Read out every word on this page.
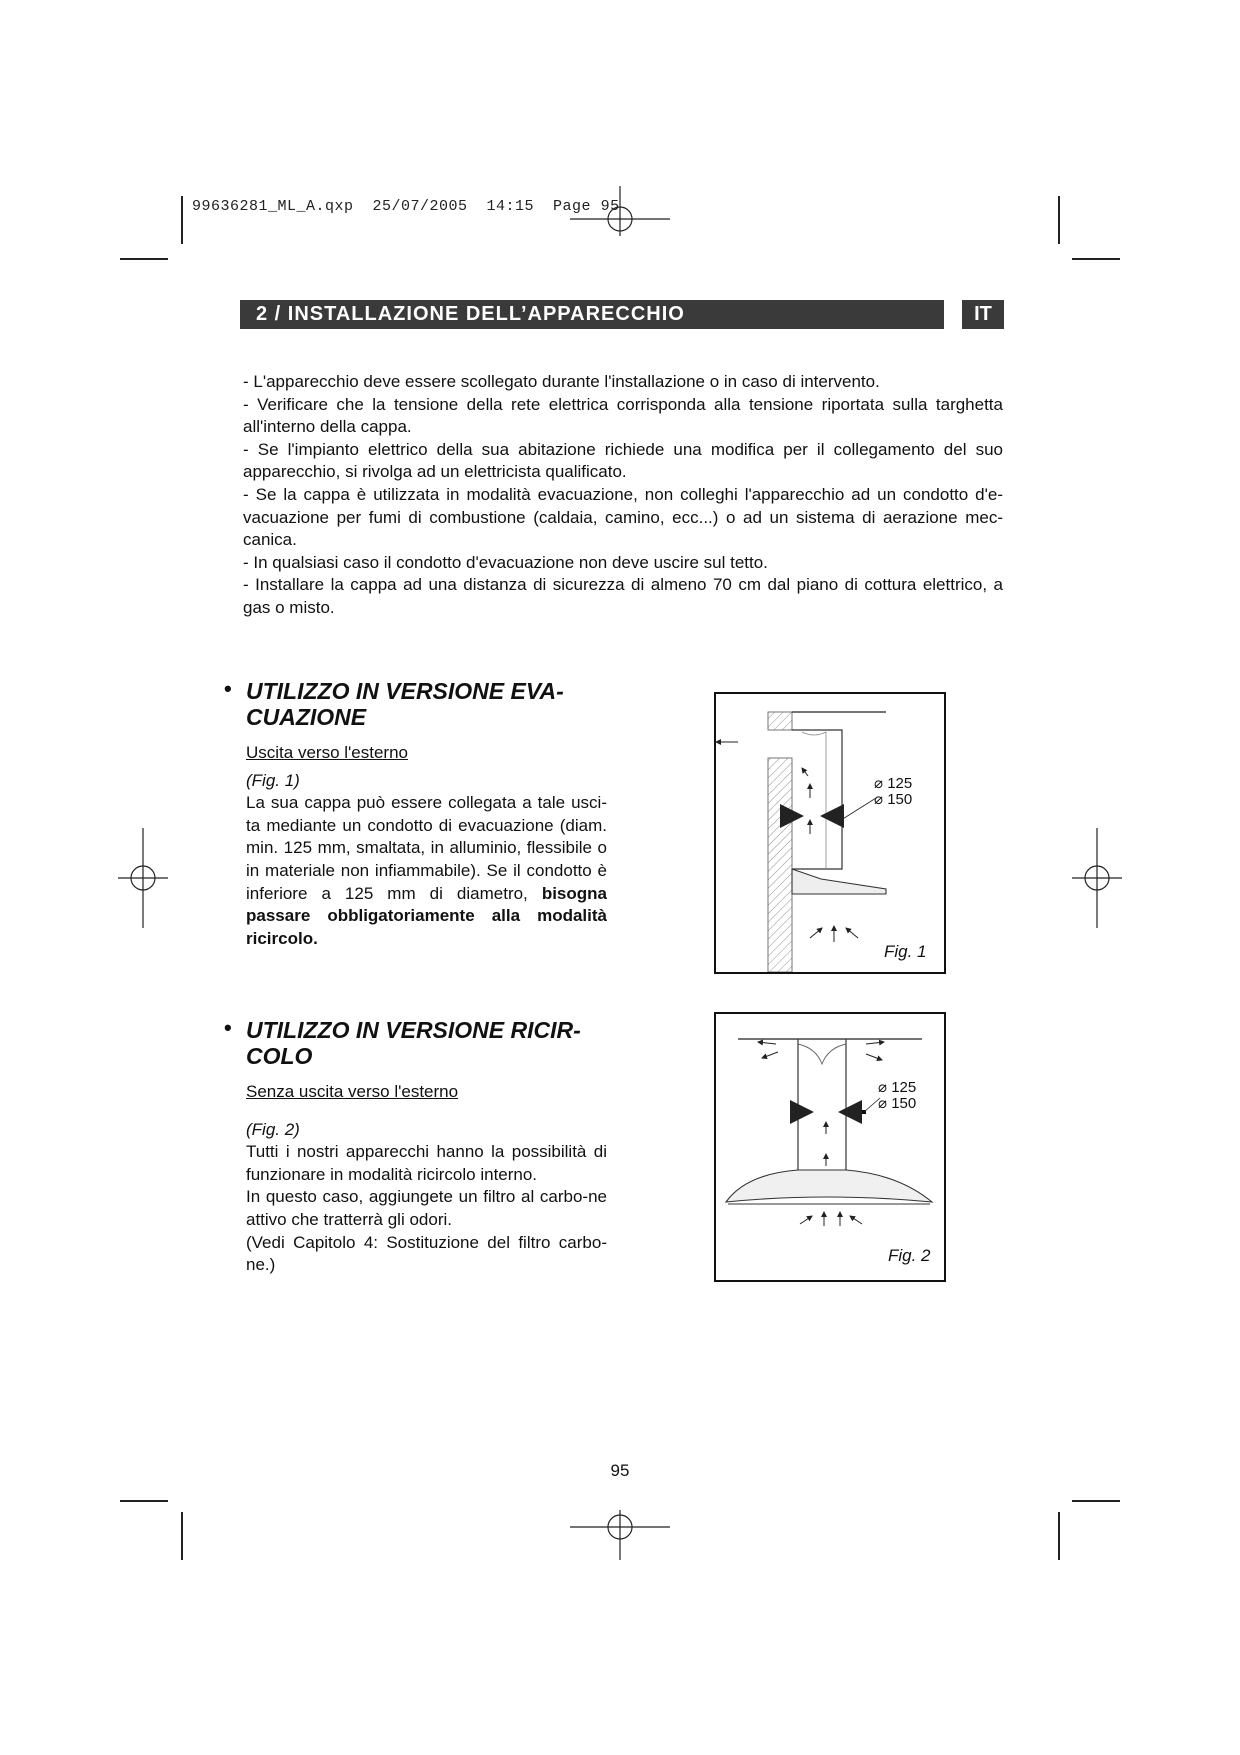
99636281_ML_A.qxp  25/07/2005  14:15  Page 95
2 / INSTALLAZIONE DELL’APPARECCHIO	IT

- L'apparecchio deve essere scollegato durante l'installazione o in caso di intervento.

- Verificare che la tensione della rete elettrica corrisponda alla tensione riportata sulla targhetta all'interno della cappa.

- Se l'impianto elettrico della sua abitazione richiede una modifica per il collegamento del suo apparecchio, si rivolga ad un elettricista qualificato.

- Se la cappa è utilizzata in modalità evacuazione, non colleghi l'apparecchio ad un condotto d'e-vacuazione per fumi di combustione (caldaia, camino, ecc...) o ad un sistema di aerazione mec-canica.

- In qualsiasi caso il condotto d'evacuazione non deve uscire sul tetto.

- Installare la cappa ad una distanza di sicurezza di almeno 70 cm dal piano di cottura elettrico, a gas o misto.

• UTILIZZO IN VERSIONE EVA-CUAZIONE

Uscita verso l'esterno

(Fig. 1)

La sua cappa può essere collegata a tale usci-ta mediante un condotto di evacuazione (diam. min. 125 mm, smaltata, in alluminio, flessibile o in materiale non infiammabile). Se il condotto è inferiore a 125 mm di diametro, bisogna passare obbligatoriamente alla modalità ricircolo.

• UTILIZZO IN VERSIONE RICIR-COLO

Senza uscita verso l'esterno

(Fig. 2)

Tutti i nostri apparecchi hanno la possibilità di funzionare in modalità ricircolo interno.

In questo caso, aggiungete un filtro al carbo-ne attivo che tratterrà gli odori.

(Vedi Capitolo 4: Sostituzione del filtro carbo-ne.)

⌀ 125
⌀ 150
Fig. 1
⌀ 125
⌀ 150
Fig. 2
95
